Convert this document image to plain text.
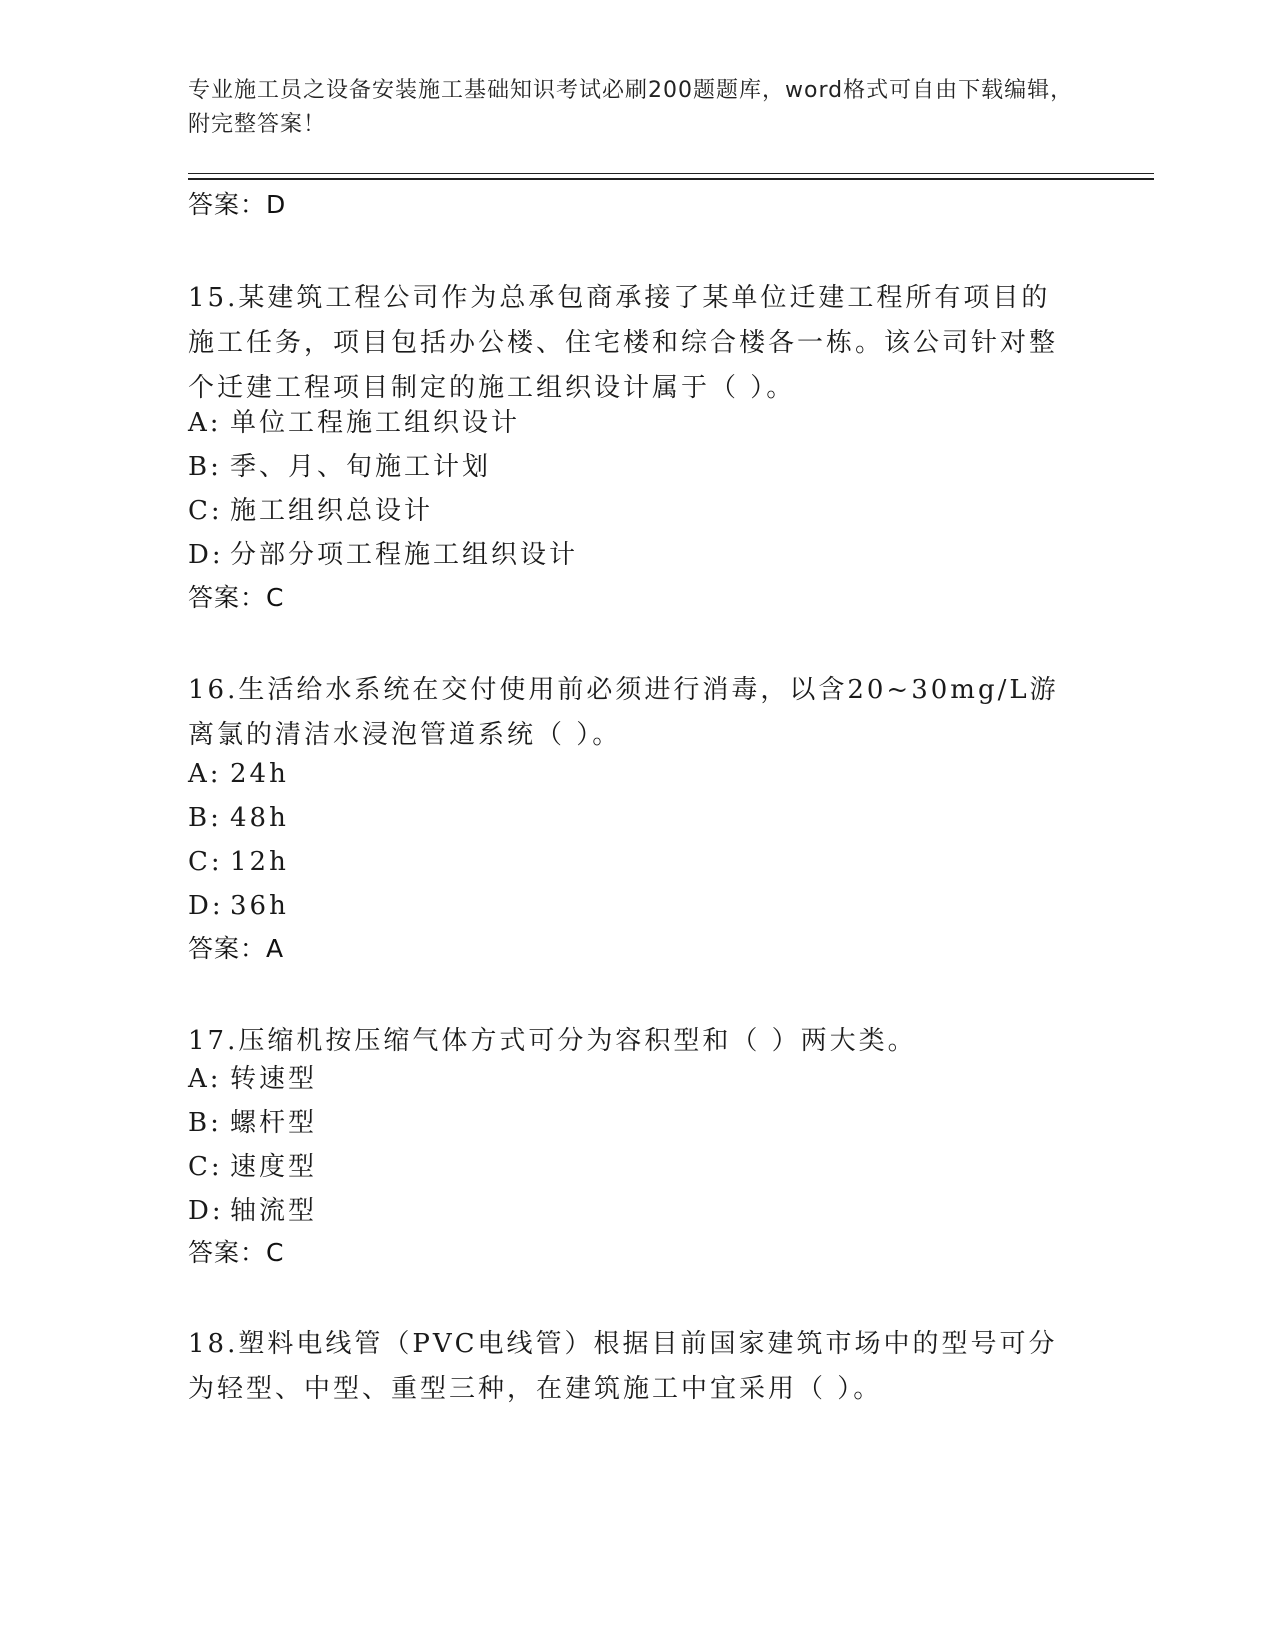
专业施工员之设备安装施工基础知识考试必刷200题题库，word格式可自由下载编辑，附完整答案！
答案：D
15.某建筑工程公司作为总承包商承接了某单位迁建工程所有项目的施工任务，项目包括办公楼、住宅楼和综合楼各一栋。该公司针对整个迁建工程项目制定的施工组织设计属于（ ）。
A: 单位工程施工组织设计
B: 季、月、旬施工计划
C: 施工组织总设计
D: 分部分项工程施工组织设计
答案：C
16.生活给水系统在交付使用前必须进行消毒，以含20~30mg/L游离氯的清洁水浸泡管道系统（ ）。
A: 24h
B: 48h
C: 12h
D: 36h
答案：A
17.压缩机按压缩气体方式可分为容积型和（ ）两大类。
A: 转速型
B: 螺杆型
C: 速度型
D: 轴流型
答案：C
18.塑料电线管（PVC电线管）根据目前国家建筑市场中的型号可分为轻型、中型、重型三种，在建筑施工中宜采用（ ）。
